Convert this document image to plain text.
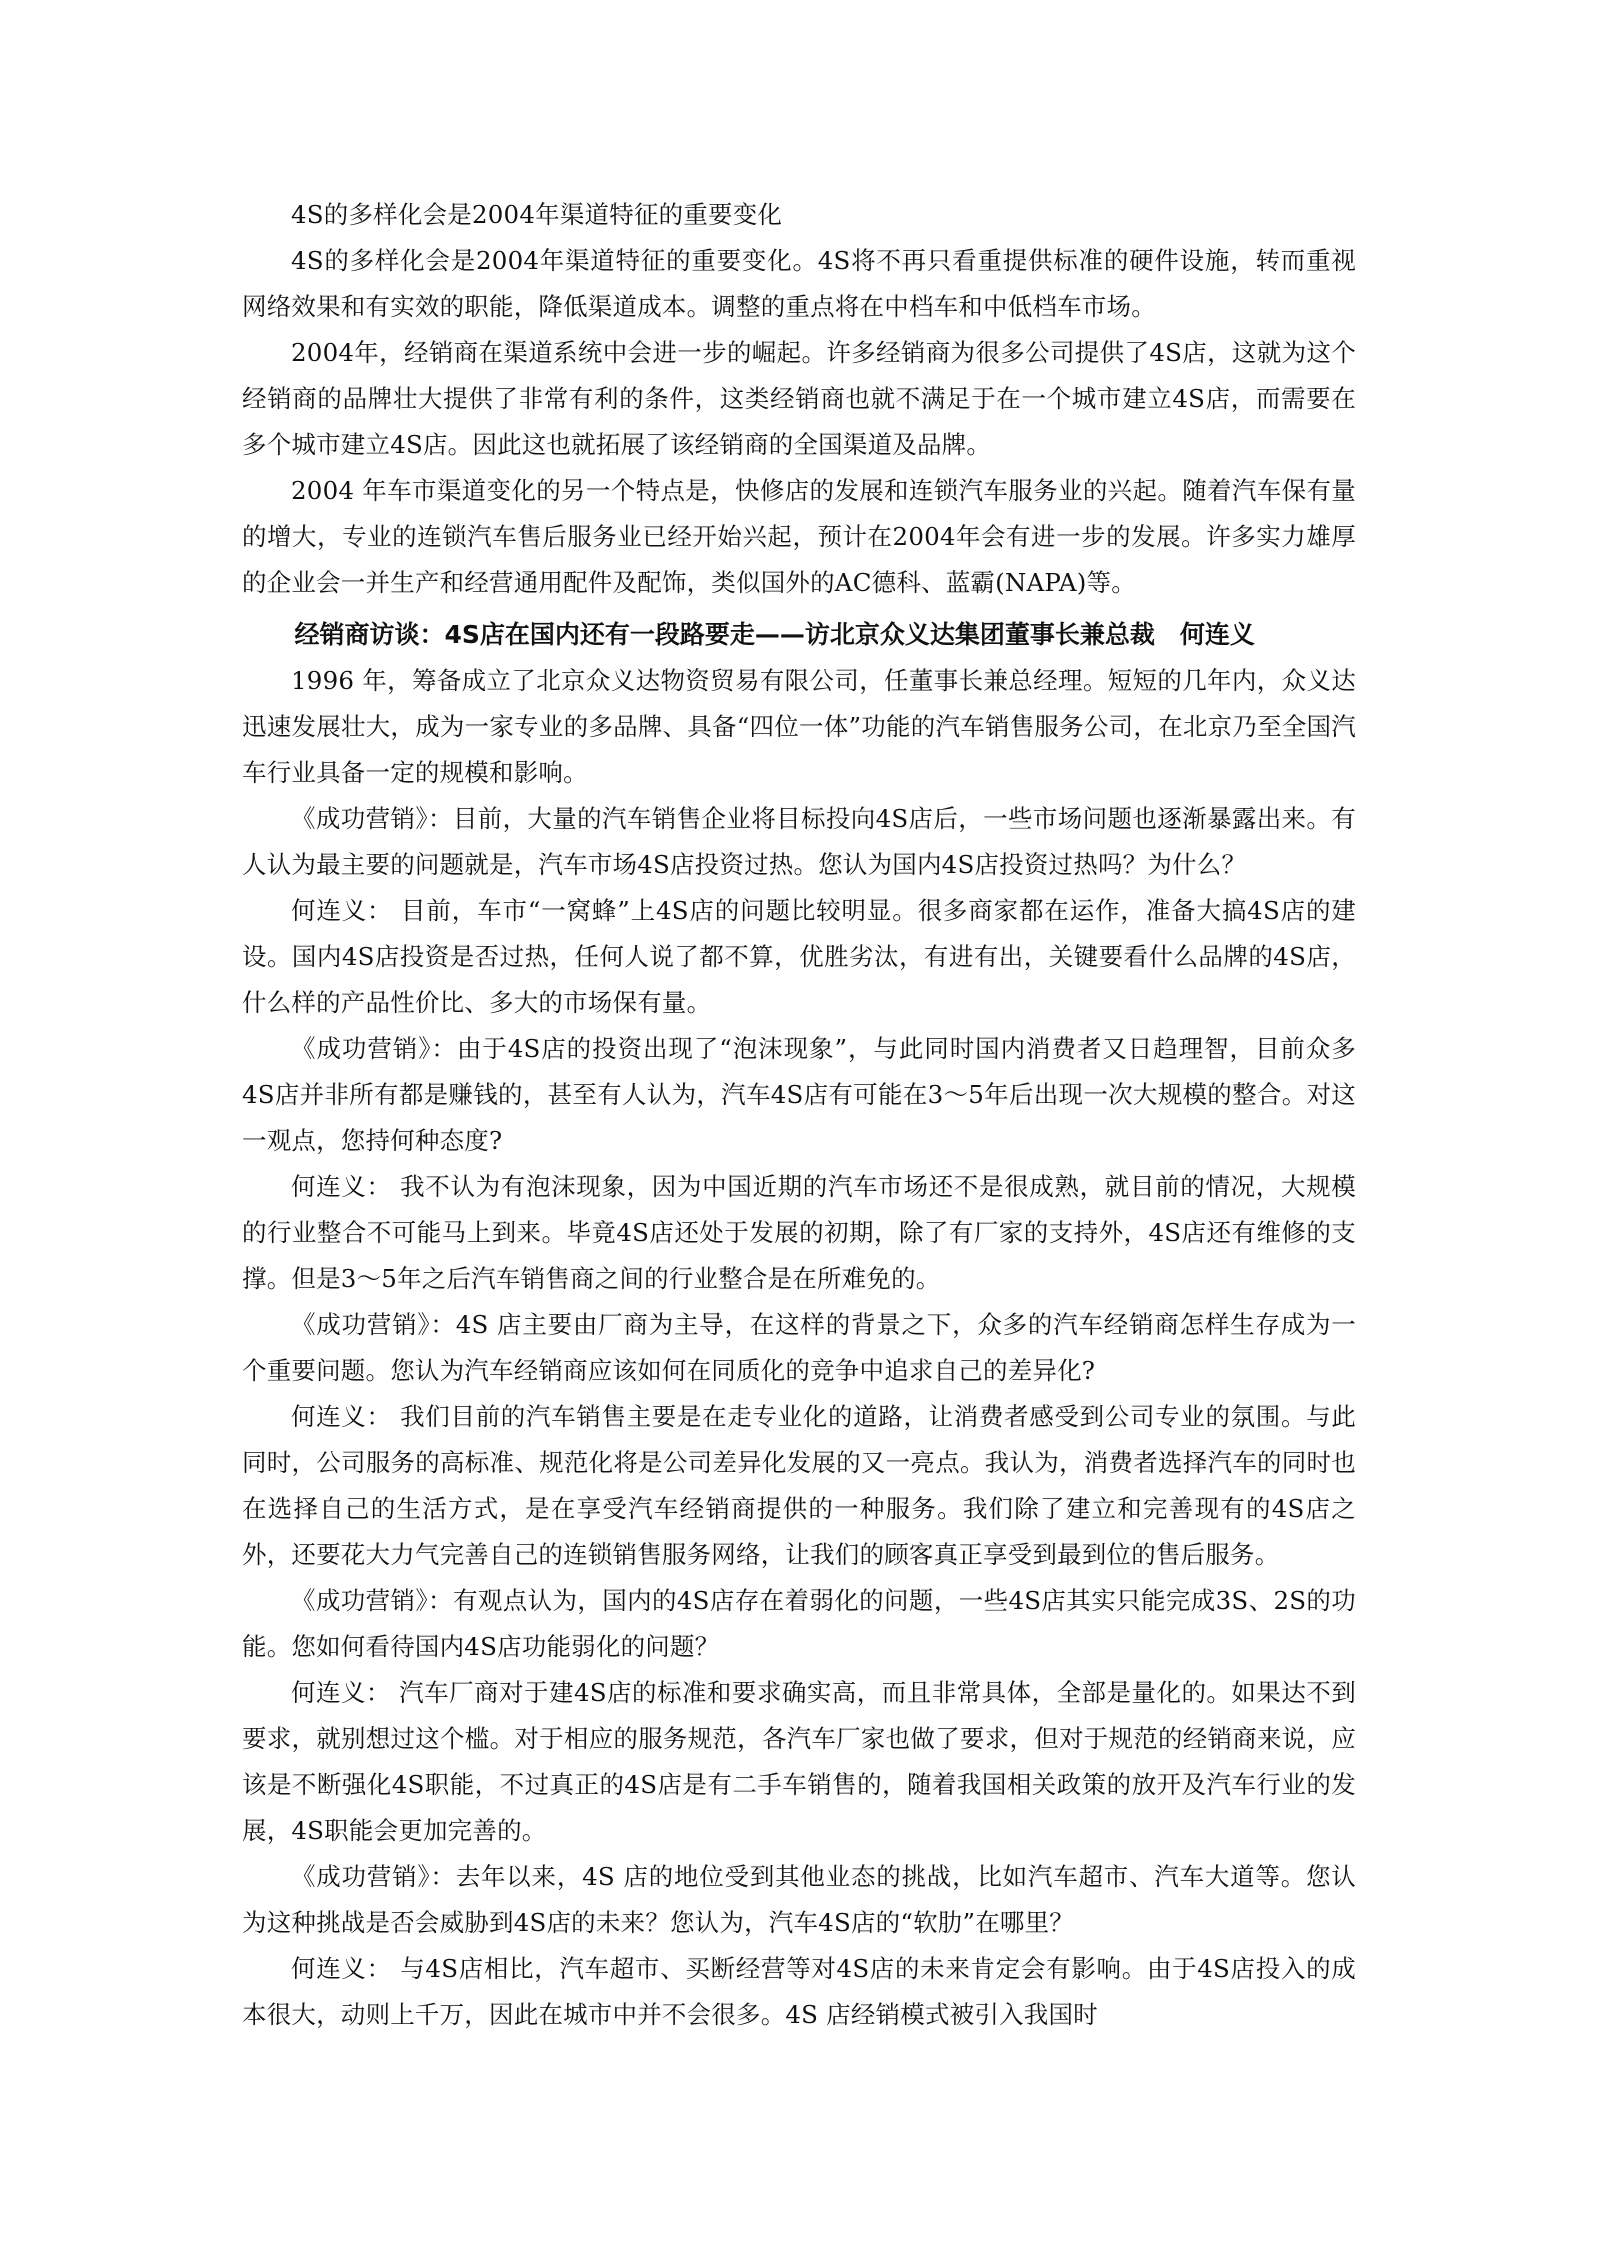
4S的多样化会是2004年渠道特征的重要变化

4S的多样化会是2004年渠道特征的重要变化。4S将不再只看重提供标准的硬件设施，转而重视网络效果和有实效的职能，降低渠道成本。调整的重点将在中档车和中低档车市场。

2004年，经销商在渠道系统中会进一步的崛起。许多经销商为很多公司提供了4S店，这就为这个经销商的品牌壮大提供了非常有利的条件，这类经销商也就不满足于在一个城市建立4S店，而需要在多个城市建立4S店。因此这也就拓展了该经销商的全国渠道及品牌。

2004 年车市渠道变化的另一个特点是，快修店的发展和连锁汽车服务业的兴起。随着汽车保有量的增大，专业的连锁汽车售后服务业已经开始兴起，预计在2004年会有进一步的发展。许多实力雄厚的企业会一并生产和经营通用配件及配饰，类似国外的AC德科、蓝霸(NAPA)等。

经销商访谈：4S店在国内还有一段路要走——访北京众义达集团董事长兼总裁　何连义

1996 年，筹备成立了北京众义达物资贸易有限公司，任董事长兼总经理。短短的几年内，众义达迅速发展壮大，成为一家专业的多品牌、具备“四位一体”功能的汽车销售服务公司，在北京乃至全国汽车行业具备一定的规模和影响。

《成功营销》：目前，大量的汽车销售企业将目标投向4S店后，一些市场问题也逐渐暴露出来。有人认为最主要的问题就是，汽车市场4S店投资过热。您认为国内4S店投资过热吗？为什么？

何连义： 目前，车市“一窝蜂”上4S店的问题比较明显。很多商家都在运作，准备大搞4S店的建设。国内4S店投资是否过热，任何人说了都不算，优胜劣汰，有进有出，关键要看什么品牌的4S店，什么样的产品性价比、多大的市场保有量。

《成功营销》：由于4S店的投资出现了“泡沫现象”，与此同时国内消费者又日趋理智，目前众多4S店并非所有都是赚钱的，甚至有人认为，汽车4S店有可能在3～5年后出现一次大规模的整合。对这一观点，您持何种态度?

何连义： 我不认为有泡沫现象，因为中国近期的汽车市场还不是很成熟，就目前的情况，大规模的行业整合不可能马上到来。毕竟4S店还处于发展的初期，除了有厂家的支持外，4S店还有维修的支撑。但是3～5年之后汽车销售商之间的行业整合是在所难免的。

《成功营销》：4S 店主要由厂商为主导，在这样的背景之下，众多的汽车经销商怎样生存成为一个重要问题。您认为汽车经销商应该如何在同质化的竞争中追求自己的差异化?

何连义： 我们目前的汽车销售主要是在走专业化的道路，让消费者感受到公司专业的氛围。与此同时，公司服务的高标准、规范化将是公司差异化发展的又一亮点。我认为，消费者选择汽车的同时也在选择自己的生活方式，是在享受汽车经销商提供的一种服务。我们除了建立和完善现有的4S店之外，还要花大力气完善自己的连锁销售服务网络，让我们的顾客真正享受到最到位的售后服务。

《成功营销》：有观点认为，国内的4S店存在着弱化的问题，一些4S店其实只能完成3S、2S的功能。您如何看待国内4S店功能弱化的问题？

何连义： 汽车厂商对于建4S店的标准和要求确实高，而且非常具体，全部是量化的。如果达不到要求，就别想过这个槛。对于相应的服务规范，各汽车厂家也做了要求，但对于规范的经销商来说，应该是不断强化4S职能，不过真正的4S店是有二手车销售的，随着我国相关政策的放开及汽车行业的发展，4S职能会更加完善的。

《成功营销》：去年以来，4S 店的地位受到其他业态的挑战，比如汽车超市、汽车大道等。您认为这种挑战是否会威胁到4S店的未来？您认为，汽车4S店的“软肋”在哪里？

何连义： 与4S店相比，汽车超市、买断经营等对4S店的未来肯定会有影响。由于4S店投入的成本很大，动则上千万，因此在城市中并不会很多。4S 店经销模式被引入我国时
